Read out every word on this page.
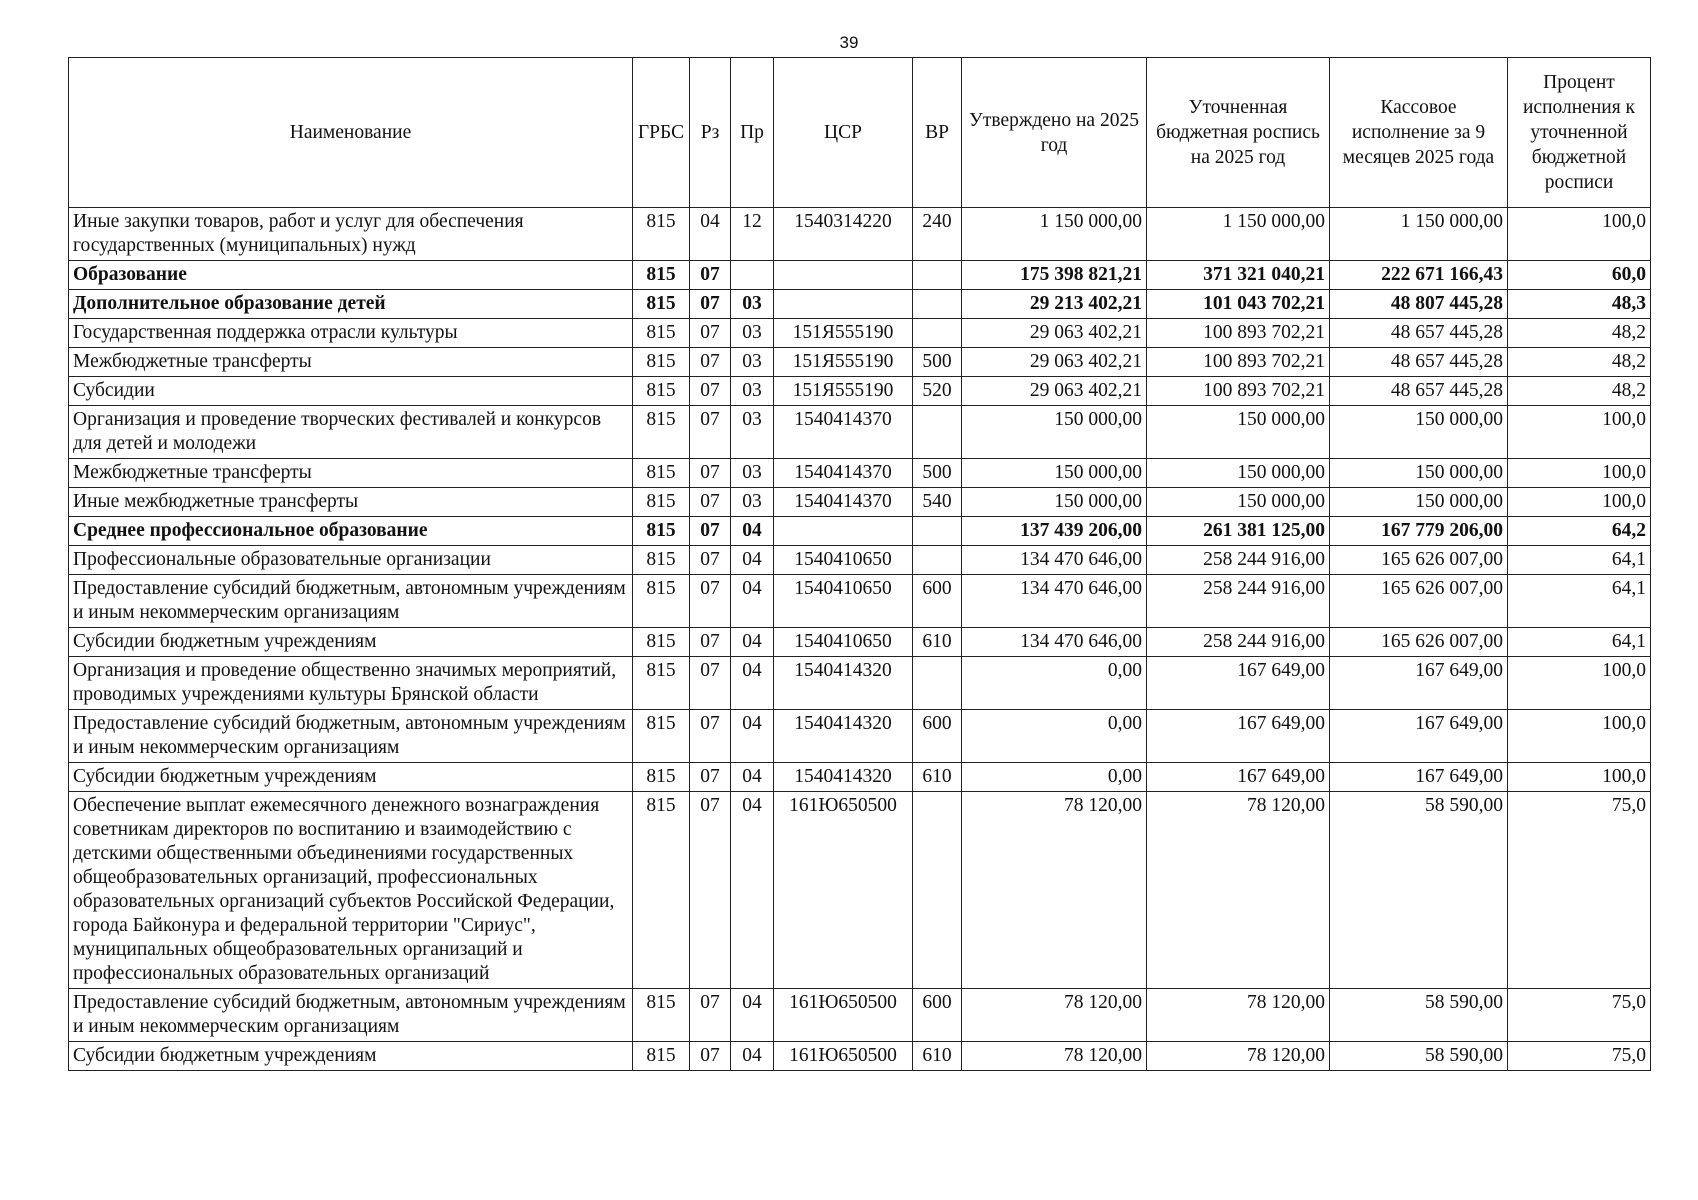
39
Наименование	ГРБС	Рз	Пр	ЦСР	ВР	Утверждено на 2025 год	Уточненная бюджетная роспись на 2025 год	Кассовое исполнение за 9 месяцев 2025 года	Процент исполнения к уточненной бюджетной росписи
Иные закупки товаров, работ и услуг для обеспечения государственных (муниципальных) нужд	815	04	12	1540314220	240	1 150 000,00	1 150 000,00	1 150 000,00	100,0
Образование	815	07				175 398 821,21	371 321 040,21	222 671 166,43	60,0
Дополнительное образование детей	815	07	03			29 213 402,21	101 043 702,21	48 807 445,28	48,3
Государственная поддержка отрасли культуры	815	07	03	151Я555190		29 063 402,21	100 893 702,21	48 657 445,28	48,2
Межбюджетные трансферты	815	07	03	151Я555190	500	29 063 402,21	100 893 702,21	48 657 445,28	48,2
Субсидии	815	07	03	151Я555190	520	29 063 402,21	100 893 702,21	48 657 445,28	48,2
Организация и проведение творческих фестивалей и конкурсов для детей и молодежи	815	07	03	1540414370		150 000,00	150 000,00	150 000,00	100,0
Межбюджетные трансферты	815	07	03	1540414370	500	150 000,00	150 000,00	150 000,00	100,0
Иные межбюджетные трансферты	815	07	03	1540414370	540	150 000,00	150 000,00	150 000,00	100,0
Среднее профессиональное образование	815	07	04			137 439 206,00	261 381 125,00	167 779 206,00	64,2
Профессиональные образовательные организации	815	07	04	1540410650		134 470 646,00	258 244 916,00	165 626 007,00	64,1
Предоставление субсидий бюджетным, автономным учреждениям и иным некоммерческим организациям	815	07	04	1540410650	600	134 470 646,00	258 244 916,00	165 626 007,00	64,1
Субсидии бюджетным учреждениям	815	07	04	1540410650	610	134 470 646,00	258 244 916,00	165 626 007,00	64,1
Организация и проведение общественно значимых мероприятий, проводимых учреждениями культуры Брянской области	815	07	04	1540414320		0,00	167 649,00	167 649,00	100,0
Предоставление субсидий бюджетным, автономным учреждениям и иным некоммерческим организациям	815	07	04	1540414320	600	0,00	167 649,00	167 649,00	100,0
Субсидии бюджетным учреждениям	815	07	04	1540414320	610	0,00	167 649,00	167 649,00	100,0
Обеспечение выплат ежемесячного денежного вознаграждения советникам директоров по воспитанию и взаимодействию с детскими общественными объединениями государственных общеобразовательных организаций, профессиональных образовательных организаций субъектов Российской Федерации, города Байконура и федеральной территории "Сириус", муниципальных общеобразовательных организаций и профессиональных образовательных организаций	815	07	04	161Ю650500		78 120,00	78 120,00	58 590,00	75,0
Предоставление субсидий бюджетным, автономным учреждениям и иным некоммерческим организациям	815	07	04	161Ю650500	600	78 120,00	78 120,00	58 590,00	75,0
Субсидии бюджетным учреждениям	815	07	04	161Ю650500	610	78 120,00	78 120,00	58 590,00	75,0
